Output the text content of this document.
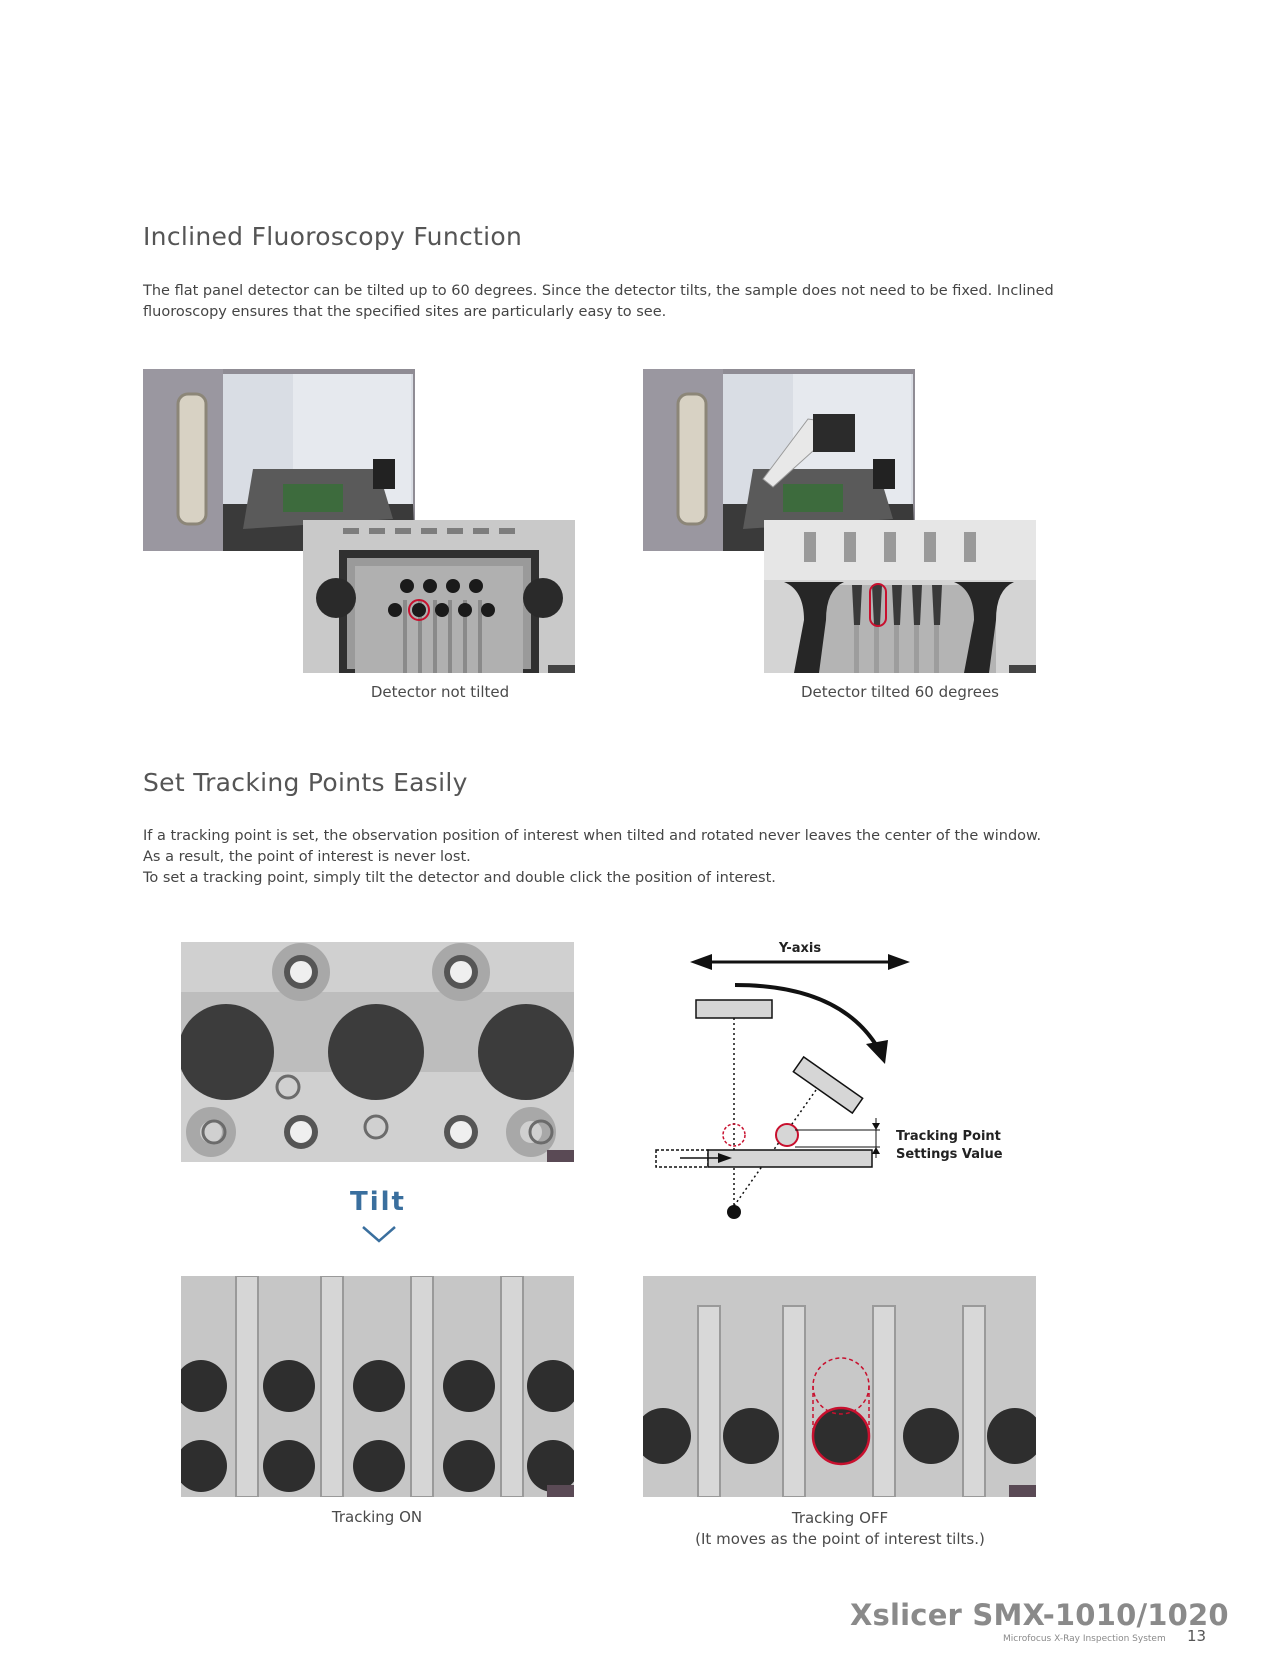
Inclined Fluoroscopy Function

The flat panel detector can be tilted up to 60 degrees. Since the detector tilts, the sample does not need to be fixed. Inclined
fluoroscopy ensures that the specified sites are particularly easy to see.

Detector not tilted	Detector tilted 60 degrees
Set Tracking Points Easily

If a tracking point is set, the observation position of interest when tilted and rotated never leaves the center of the window.
As a result, the point of interest is never lost.
To set a tracking point, simply tilt the detector and double click the position of interest.

Tilt
Y-axis
Tracking Point
Settings Value
Tracking ON	Tracking OFF
(It moves as the point of interest tilts.)
Xslicer SMX-1010/1020
Microfocus X-Ray Inspection System 13
